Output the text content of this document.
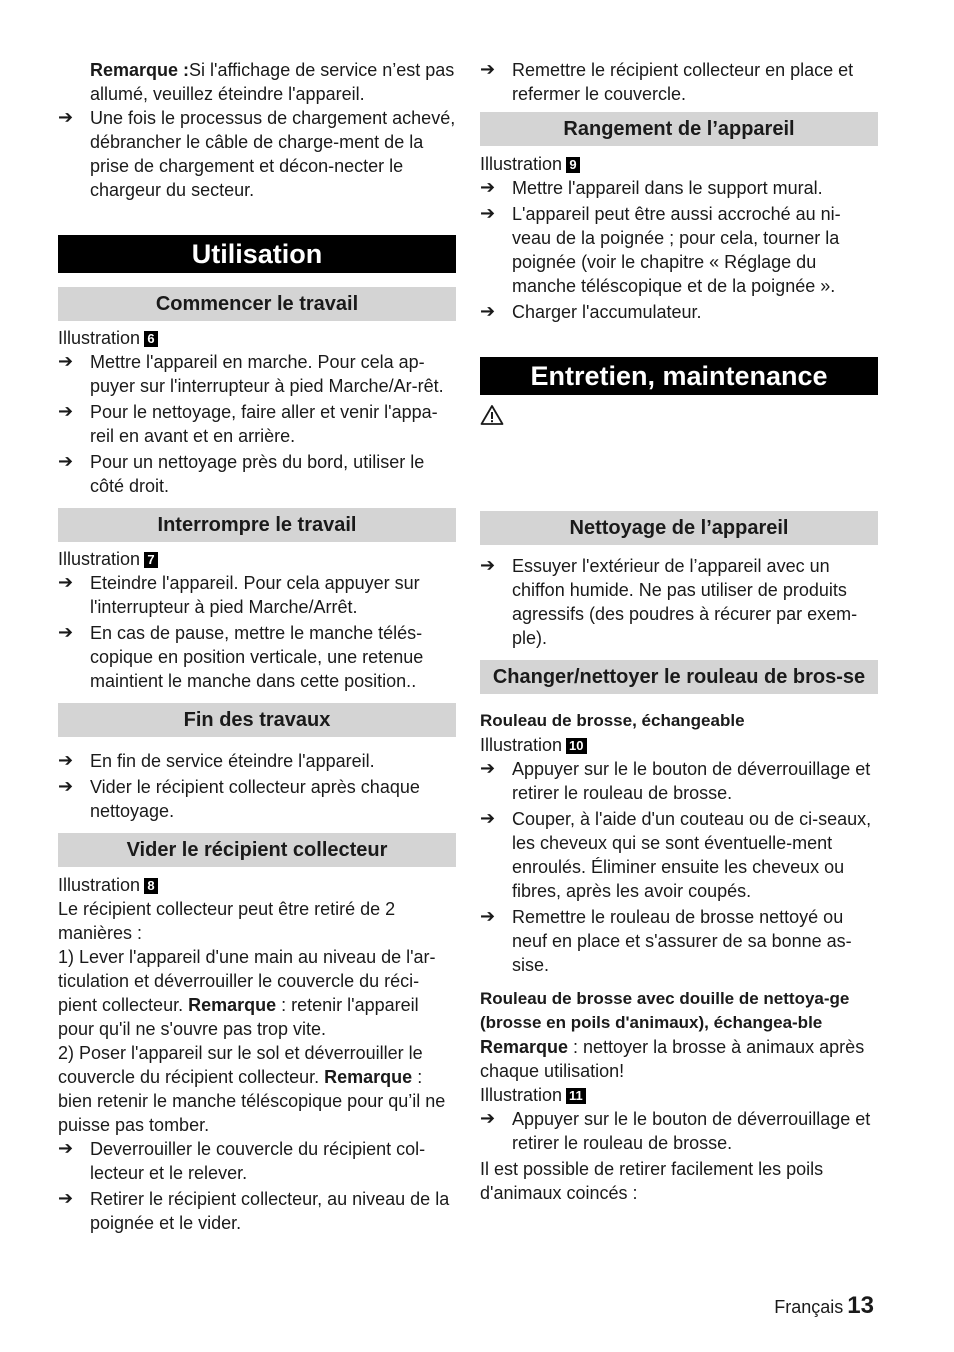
Remarque :Si l'affichage de service n’est pas allumé, veuillez éteindre l'appareil.

➔ Une fois le processus de chargement achevé, débrancher le câble de charge-ment de la prise de chargement et décon-necter le chargeur du secteur.
Utilisation
Commencer le travail

Illustration 6

➔ Mettre l'appareil en marche. Pour cela ap-puyer sur l'interrupteur à pied Marche/Ar-rêt.
➔ Pour le nettoyage, faire aller et venir l'appa-reil en avant et en arrière.
➔ Pour un nettoyage près du bord, utiliser le côté droit.
Interrompre le travail

Illustration 7

➔ Eteindre l'appareil. Pour cela appuyer sur l'interrupteur à pied Marche/Arrêt.
➔ En cas de pause, mettre le manche télés-copique en position verticale, une retenue maintient le manche dans cette position..
Fin des travaux
➔ En fin de service éteindre l'appareil.
➔ Vider le récipient collecteur après chaque nettoyage.
Vider le récipient collecteur

Illustration 8

Le récipient collecteur peut être retiré de 2 manières :

1) Lever l'appareil d'une main au niveau de l'ar-ticulation et déverrouiller le couvercle du réci-pient collecteur. Remarque : retenir l'appareil pour qu'il ne s'ouvre pas trop vite.

2) Poser l'appareil sur le sol et déverrouiller le couvercle du récipient collecteur. Remarque : bien retenir le manche téléscopique pour qu’il ne puisse pas tomber.

➔ Deverrouiller le couvercle du récipient col-lecteur et le relever.
➔ Retirer le récipient collecteur, au niveau de la poignée et le vider.
➔ Remettre le récipient collecteur en place et refermer le couvercle.
Rangement de l’appareil

Illustration 9

➔ Mettre l'appareil dans le support mural.
➔ L'appareil peut être aussi accroché au ni-veau de la poignée ; pour cela, tourner la poignée (voir le chapitre « Réglage du manche téléscopique et de la poignée ».
➔ Charger l'accumulateur.
Entretien, maintenance
Nettoyage de l’appareil
➔ Essuyer l'extérieur de l’appareil avec un chiffon humide. Ne pas utiliser de produits agressifs (des poudres à récurer par exem-ple).
Changer/nettoyer le rouleau de bros-se

Rouleau de brosse, échangeable

Illustration 10

➔ Appuyer sur le le bouton de déverrouillage et retirer le rouleau de brosse.
➔ Couper, à l'aide d'un couteau ou de ci-seaux, les cheveux qui se sont éventuelle-ment enroulés. Éliminer ensuite les cheveux ou fibres, après les avoir coupés.
➔ Remettre le rouleau de brosse nettoyé ou neuf en place et s'assurer de sa bonne as-sise.

Rouleau de brosse avec douille de nettoya-ge (brosse en poils d'animaux), échangea-ble

Remarque : nettoyer la brosse à animaux après chaque utilisation!

Illustration 11

➔ Appuyer sur le le bouton de déverrouillage et retirer le rouleau de brosse.

Il est possible de retirer facilement les poils d'animaux coincés :

Français 13
